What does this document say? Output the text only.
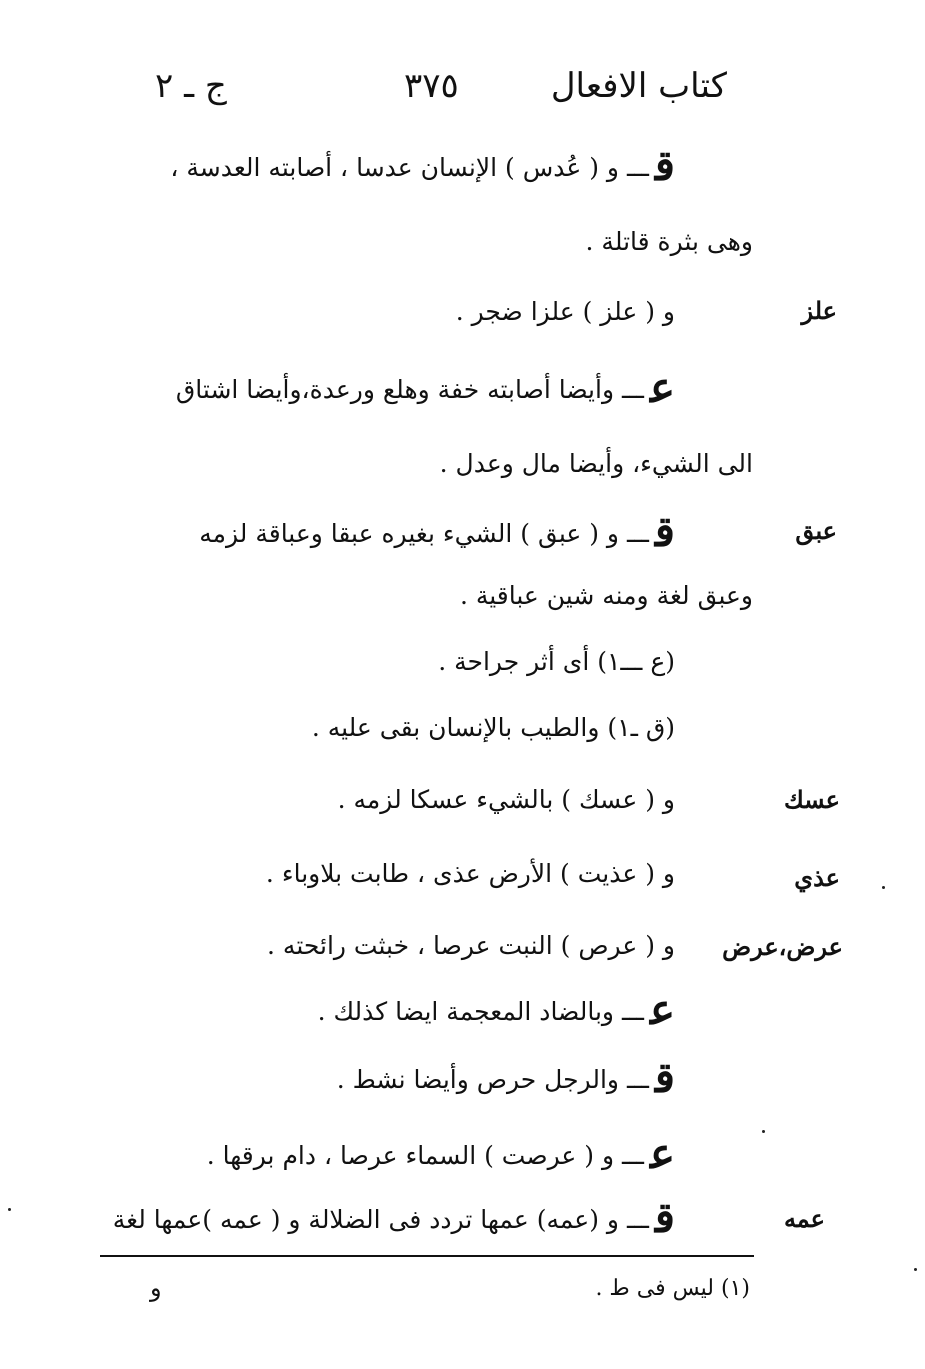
كتاب الافعال
٣٧٥
ج ـ ٢
علز
عبق
عسك
عذي
عرض،عرض
عمه
قـــ و ( عُدس ) الإنسان عدسا ، أصابته العدسة ،
وهى بثرة قاتلة .
و ( علز ) علزا ضجر .
عـــ وأيضا أصابته خفة وهلع ورعدة،وأيضا اشتاق
الى الشيء، وأيضا مال وعدل .
قـــ و ( عبق ) الشيء بغيره عبقا وعباقة لزمه
وعبق لغة ومنه شين عباقية .
(ع ـــ١) أى أثر جراحة .
(ق ـ١) والطيب بالإنسان بقى عليه .
و ( عسك ) بالشيء عسكا لزمه .
و ( عذيت ) الأرض عذى ، طابت بلاوباء .
و ( عرص ) النبت عرصا ، خبثت رائحته .
عـــ وبالضاد المعجمة ايضا كذلك .
قـــ والرجل حرص وأيضا نشط .
عـــ و ( عرصت ) السماء عرصا ، دام برقها .
قـــ و (عمه) عمها تردد فى الضلالة و ( عمه )عمها لغة
(١) ليس فى ط .
و
